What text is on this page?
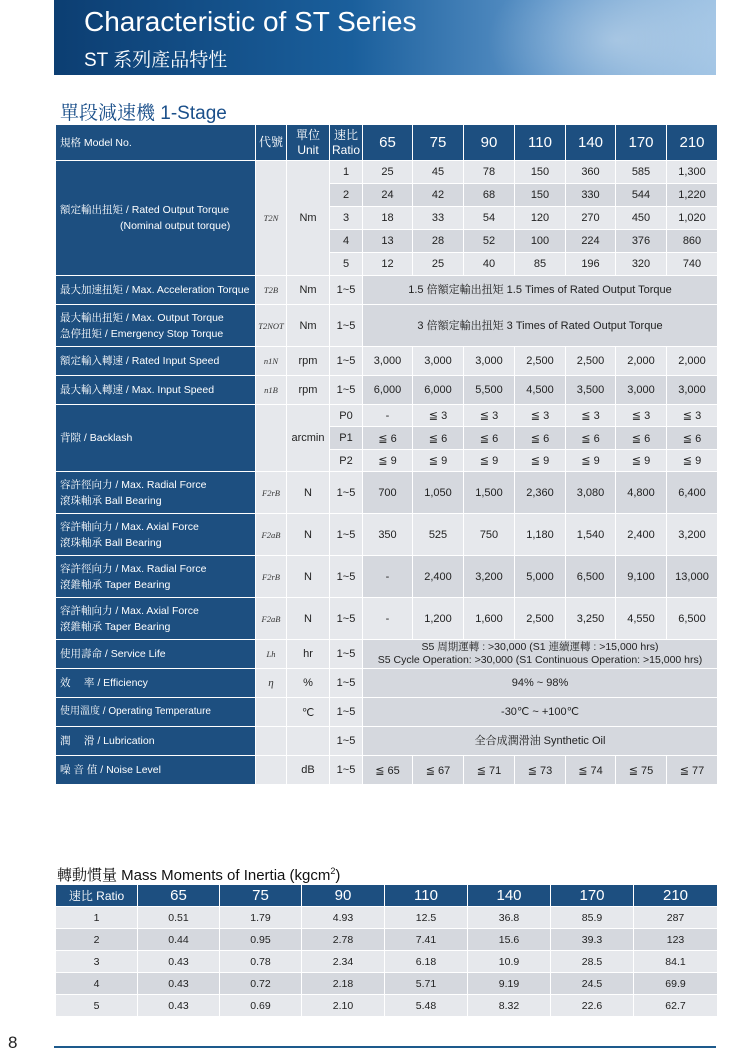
Characteristic of ST Series
ST 系列產品特性
單段減速機 1-Stage
規格 Model No.	代號	單位 Unit	速比 Ratio	65	75	90	110	140	170	210

額定輸出扭矩 / Rated Output Torque
(Nominal output torque)	T2N	Nm	1	25	45	78	150	360	585	1,300
			2	24	42	68	150	330	544	1,220
			3	18	33	54	120	270	450	1,020
			4	13	28	52	100	224	376	860
			5	12	25	40	85	196	320	740
最大加速扭矩 / Max. Acceleration Torque	T2B	Nm	1~5	1.5 倍額定輸出扭矩 1.5 Times of Rated Output Torque						

最大輸出扭矩 / Max. Output Torque
急停扭矩 / Emergency Stop Torque	T2NOT	Nm	1~5	3 倍額定輸出扭矩 3 Times of Rated Output Torque						
額定輸入轉速 / Rated Input Speed	n1N	rpm	1~5	3,000	3,000	3,000	2,500	2,500	2,000	2,000
最大輸入轉速 / Max. Input Speed	n1B	rpm	1~5	6,000	6,000	5,500	4,500	3,500	3,000	3,000
背隙 / Backlash		arcmin	P0	-	≦ 3	≦ 3	≦ 3	≦ 3	≦ 3	≦ 3
			P1	≦ 6	≦ 6	≦ 6	≦ 6	≦ 6	≦ 6	≦ 6
			P2	≦ 9	≦ 9	≦ 9	≦ 9	≦ 9	≦ 9	≦ 9

容許徑向力 / Max. Radial Force
滾珠軸承 Ball Bearing	F2rB	N	1~5	700	1,050	1,500	2,360	3,080	4,800	6,400

容許軸向力 / Max. Axial Force
滾珠軸承 Ball Bearing	F2aB	N	1~5	350	525	750	1,180	1,540	2,400	3,200

容許徑向力 / Max. Radial Force
滾錐軸承 Taper Bearing	F2rB	N	1~5	-	2,400	3,200	5,000	6,500	9,100	13,000

容許軸向力 / Max. Axial Force
滾錐軸承 Taper Bearing	F2aB	N	1~5	-	1,200	1,600	2,500	3,250	4,550	6,500
使用壽命 / Service Life	Lh	hr	1~5	S5 周期運轉 : >30,000 (S1 連續運轉 : >15,000 hrs)
S5 Cycle Operation: >30,000 (S1 Continuous Operation: >15,000 hrs)						

效　 率 / Efficiency	η	%	1~5	94% ~ 98%						
使用溫度 / Operating Temperature		℃	1~5	-30℃ ~ +100℃						
潤　 滑 / Lubrication			1~5	全合成潤滑油 Synthetic Oil						
噪 音 值 / Noise Level		dB	1~5	≦ 65	≦ 67	≦ 71	≦ 73	≦ 74	≦ 75	≦ 77
轉動慣量 Mass Moments of Inertia (kgcm$^2$)
速比 Ratio	65	75	90	110	140	170	210
1	0.51	1.79	4.93	12.5	36.8	85.9	287
2	0.44	0.95	2.78	7.41	15.6	39.3	123
3	0.43	0.78	2.34	6.18	10.9	28.5	84.1
4	0.43	0.72	2.18	5.71	9.19	24.5	69.9
5	0.43	0.69	2.10	5.48	8.32	22.6	62.7
8
